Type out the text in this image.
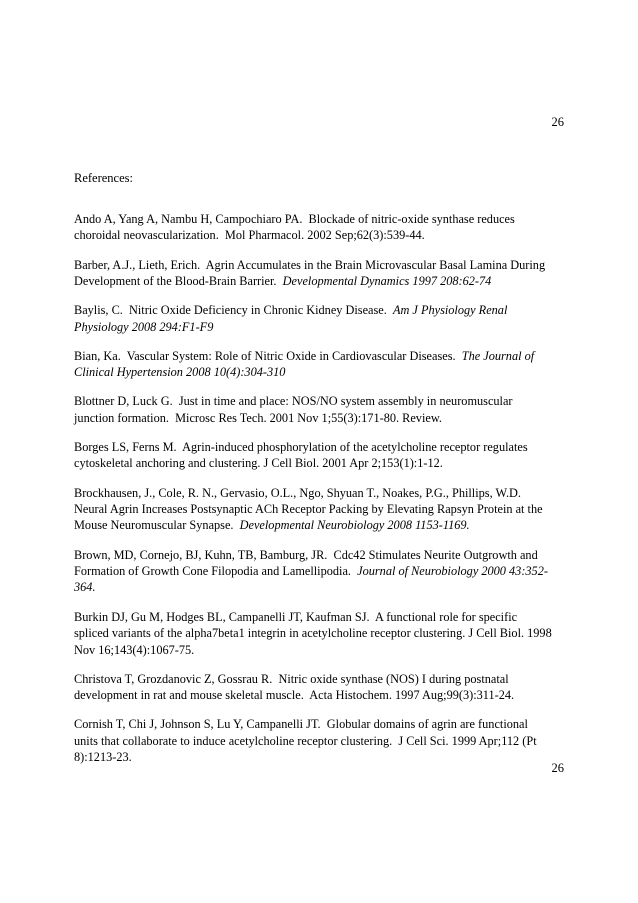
26
References:
Ando A, Yang A, Nambu H, Campochiaro PA.  Blockade of nitric-oxide synthase reduces
choroidal neovascularization.  Mol Pharmacol. 2002 Sep;62(3):539-44.
Barber, A.J., Lieth, Erich.  Agrin Accumulates in the Brain Microvascular Basal Lamina During
Development of the Blood-Brain Barrier.  Developmental Dynamics 1997 208:62-74
Baylis, C.  Nitric Oxide Deficiency in Chronic Kidney Disease.  Am J Physiology Renal
Physiology 2008 294:F1-F9
Bian, Ka.  Vascular System: Role of Nitric Oxide in Cardiovascular Diseases.  The Journal of
Clinical Hypertension 2008 10(4):304-310
Blottner D, Luck G.  Just in time and place: NOS/NO system assembly in neuromuscular
junction formation.  Microsc Res Tech. 2001 Nov 1;55(3):171-80. Review.
Borges LS, Ferns M.  Agrin-induced phosphorylation of the acetylcholine receptor regulates
cytoskeletal anchoring and clustering. J Cell Biol. 2001 Apr 2;153(1):1-12.
Brockhausen, J., Cole, R. N., Gervasio, O.L., Ngo, Shyuan T., Noakes, P.G., Phillips, W.D.
Neural Agrin Increases Postsynaptic ACh Receptor Packing by Elevating Rapsyn Protein at the
Mouse Neuromuscular Synapse.  Developmental Neurobiology 2008 1153-1169.
Brown, MD, Cornejo, BJ, Kuhn, TB, Bamburg, JR.  Cdc42 Stimulates Neurite Outgrowth and
Formation of Growth Cone Filopodia and Lamellipodia.  Journal of Neurobiology 2000 43:352-
364.
Burkin DJ, Gu M, Hodges BL, Campanelli JT, Kaufman SJ.  A functional role for specific
spliced variants of the alpha7beta1 integrin in acetylcholine receptor clustering. J Cell Biol. 1998
Nov 16;143(4):1067-75.
Christova T, Grozdanovic Z, Gossrau R.  Nitric oxide synthase (NOS) I during postnatal
development in rat and mouse skeletal muscle.  Acta Histochem. 1997 Aug;99(3):311-24.
Cornish T, Chi J, Johnson S, Lu Y, Campanelli JT.  Globular domains of agrin are functional
units that collaborate to induce acetylcholine receptor clustering.  J Cell Sci. 1999 Apr;112 (Pt
8):1213-23.
26
